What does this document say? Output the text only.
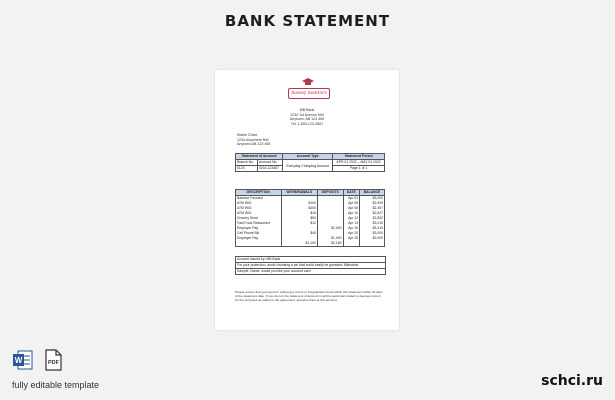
BANK STATEMENT
money mentors
MB Bank
1234 1st Avenue NW
Anytown, AB 123 456
Tel: 1-800-123-4567
Martin Chloe
1234 Anywhere NW
Anytown AB 123 456
Statement of Account		Account Type	Statement Period
Branch No.	Account No.	Everyday Chequing Account	APR 01 2022 – MAY 01 2022
0123	0234-123467		Page 1 of 1
DESCRIPTION	WITHDRAWALS	DEPOSITS	DATE	BALANCE
Balance Forward			Apr 01	$3,000
ATM W/D	$100		Apr 05	$2,900
ATM W/D	$400		Apr 08	$2,497
ATM W/D	$15		Apr 10	$2,627
Grocery Store	$50		Apr 12	$2,832
Fast Food Restaurant	$12		Apr 13	$3,010
Employer Pay		$1,000	Apr 15	$3,410
Cell Phone Bill	$40		Apr 20	$3,000
Employer Pay		$1,000	Apr 25	$2,000
	$1,100	$2,180		
Account issued by: MB Bank
For your protection, avoid choosing a pin that could easily be guessed: Milestone
Sample, Name: would you like your account card
Please ensure that you report in writing any errors or irregularities found within this statement within 30 days of the statement date. If you do not, the statement of account in all the particulars stated is deemed correct for the purposes as stated in the agreement, and all entries at this account.
W	PDF
fully editable template	schci.ru
